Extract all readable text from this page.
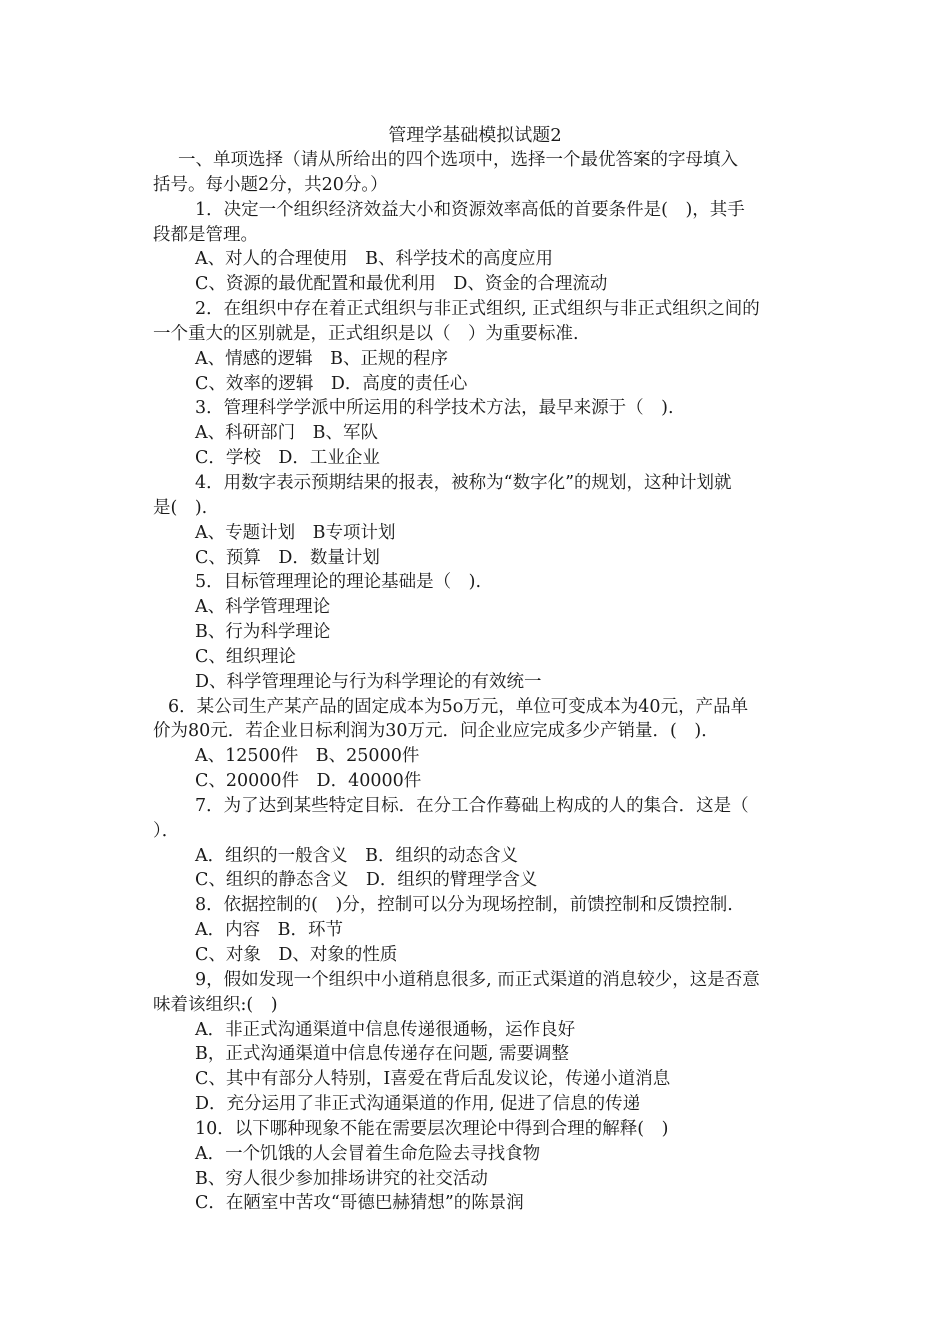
管理学基础模拟试题2
一、单项选择（请从所给出的四个选项中，选择一个最优答案的字母填入
括号。每小题2分，共20分。）
1．决定一个组织经济效益大小和资源效率高低的首要条件是(　)，其手
段都是管理。
A、对人的合理使用　B、科学技术的高度应用
C、资源的最优配置和最优利用　D、资金的合理流动
2．在组织中存在着正式组织与非正式组织, 正式组织与非正式组织之间的
一个重大的区别就是，正式组织是以（　）为重要标准.
A、情感的逻辑　B、正规的程序
C、效率的逻辑　D．高度的责任心
3．管理科学学派中所运用的科学技术方法，最早来源于（　).
A、科研部门　B、军队
C．学校　D．工业企业
4．用数字表示预期结果的报表，被称为“数字化”的规划，这种计划就
是(　).
A、专题计划　B专项计划
C、预算　D．数量计划
5．目标管理理论的理论基础是（　).
A、科学管理理论
B、行为科学理论
C、组织理论
D、科学管理理论与行为科学理论的有效统一
6．某公司生产某产品的固定成本为5o万元，单位可变成本为40元，产品单
价为80元．若企业日标利润为30万元．问企业应完成多少产销量．(　)．
A、12500件　B、25000件
C、20000件　D．40000件
7．为了达到某些特定目标．在分工合作蓦础上构成的人的集合．这是（
）．
A．组织的一般含义　B．组织的动态含义
C、组织的静态含义　D．组织的臂理学含义
8．依据控制的(　)分，控制可以分为现场控制，前馈控制和反馈控制.
A．内容　B．环节
C、对象　D、对象的性质
9，假如发现一个组织中小道稍息很多, 而正式渠道的消息较少，这是否意
味着该组织:(　)
A．非正式沟通渠道中信息传递很通畅，运作良好
B，正式沟通渠道中信息传递存在问题, 需要调整
C、其中有部分人特别，I喜爱在背后乱发议论，传递小道消息
D．充分运用了非正式沟通渠道的作用, 促进了信息的传递
10．以下哪种现象不能在需要层次理论中得到合理的解释(　)
A．一个饥饿的人会冒着生命危险去寻找食物
B、穷人很少参加排场讲究的社交活动
C．在陋室中苦攻“哥德巴赫猜想”的陈景润
